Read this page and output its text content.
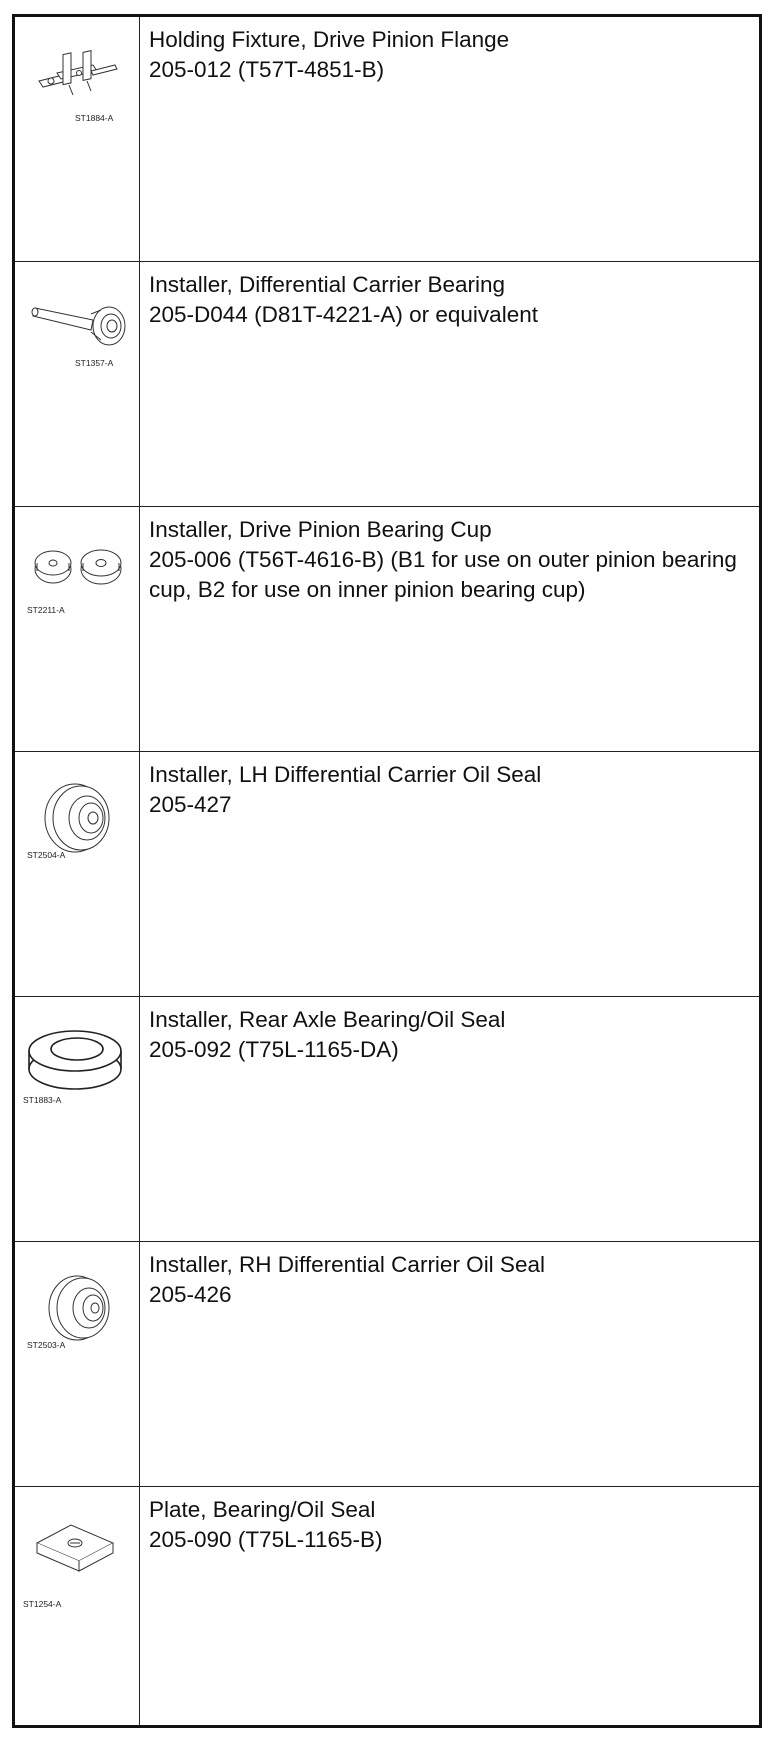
ST1884-A
Holding Fixture, Drive Pinion Flange
205-012 (T57T-4851-B)
ST1357-A
Installer, Differential Carrier Bearing
205-D044 (D81T-4221-A) or equivalent
ST2211-A
Installer, Drive Pinion Bearing Cup
205-006 (T56T-4616-B) (B1 for use on outer pinion bearing cup, B2 for use on inner pinion bearing cup)
ST2504-A
Installer, LH Differential Carrier Oil Seal
205-427
ST1883-A
Installer, Rear Axle Bearing/Oil Seal
205-092 (T75L-1165-DA)
ST2503-A
Installer, RH Differential Carrier Oil Seal
205-426
ST1254-A
Plate, Bearing/Oil Seal
205-090 (T75L-1165-B)
